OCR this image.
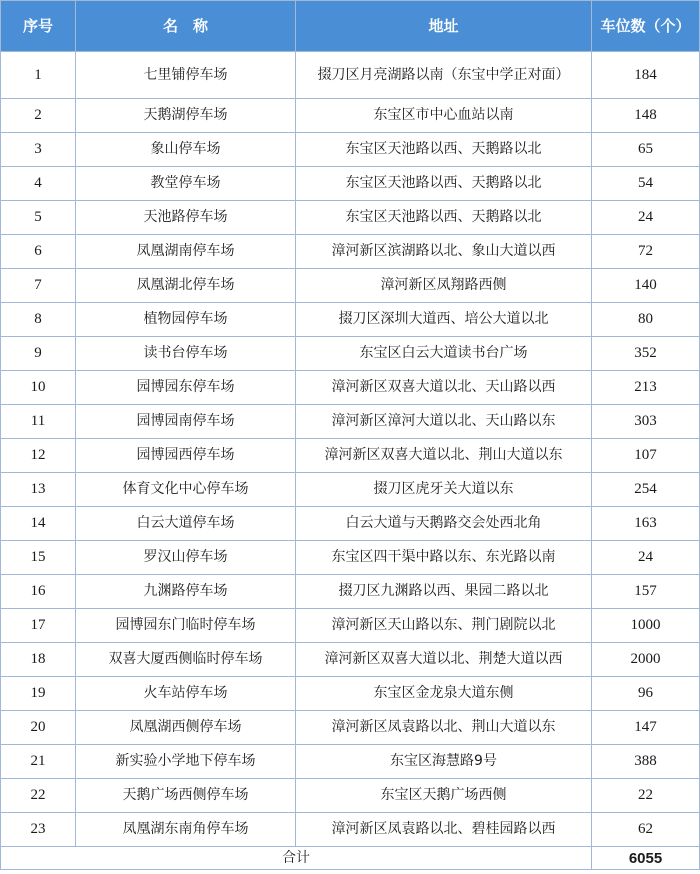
序号	名　称	地址	车位数（个）
1	七里铺停车场	掇刀区月亮湖路以南（东宝中学正对面）	184
2	天鹅湖停车场	东宝区市中心血站以南	148
3	象山停车场	东宝区天池路以西、天鹅路以北	65
4	教堂停车场	东宝区天池路以西、天鹅路以北	54
5	天池路停车场	东宝区天池路以西、天鹅路以北	24
6	凤凰湖南停车场	漳河新区滨湖路以北、象山大道以西	72
7	凤凰湖北停车场	漳河新区凤翔路西侧	140
8	植物园停车场	掇刀区深圳大道西、培公大道以北	80
9	读书台停车场	东宝区白云大道读书台广场	352
10	园博园东停车场	漳河新区双喜大道以北、天山路以西	213
11	园博园南停车场	漳河新区漳河大道以北、天山路以东	303
12	园博园西停车场	漳河新区双喜大道以北、荆山大道以东	107
13	体育文化中心停车场	掇刀区虎牙关大道以东	254
14	白云大道停车场	白云大道与天鹅路交会处西北角	163
15	罗汉山停车场	东宝区四干渠中路以东、东光路以南	24
16	九渊路停车场	掇刀区九渊路以西、果园二路以北	157
17	园博园东门临时停车场	漳河新区天山路以东、荆门剧院以北	1000
18	双喜大厦西侧临时停车场	漳河新区双喜大道以北、荆楚大道以西	2000
19	火车站停车场	东宝区金龙泉大道东侧	96
20	凤凰湖西侧停车场	漳河新区凤袁路以北、荆山大道以东	147
21	新实验小学地下停车场	东宝区海慧路9号	388
22	天鹅广场西侧停车场	东宝区天鹅广场西侧	22
23	凤凰湖东南角停车场	漳河新区凤袁路以北、碧桂园路以西	62
合计			6055
